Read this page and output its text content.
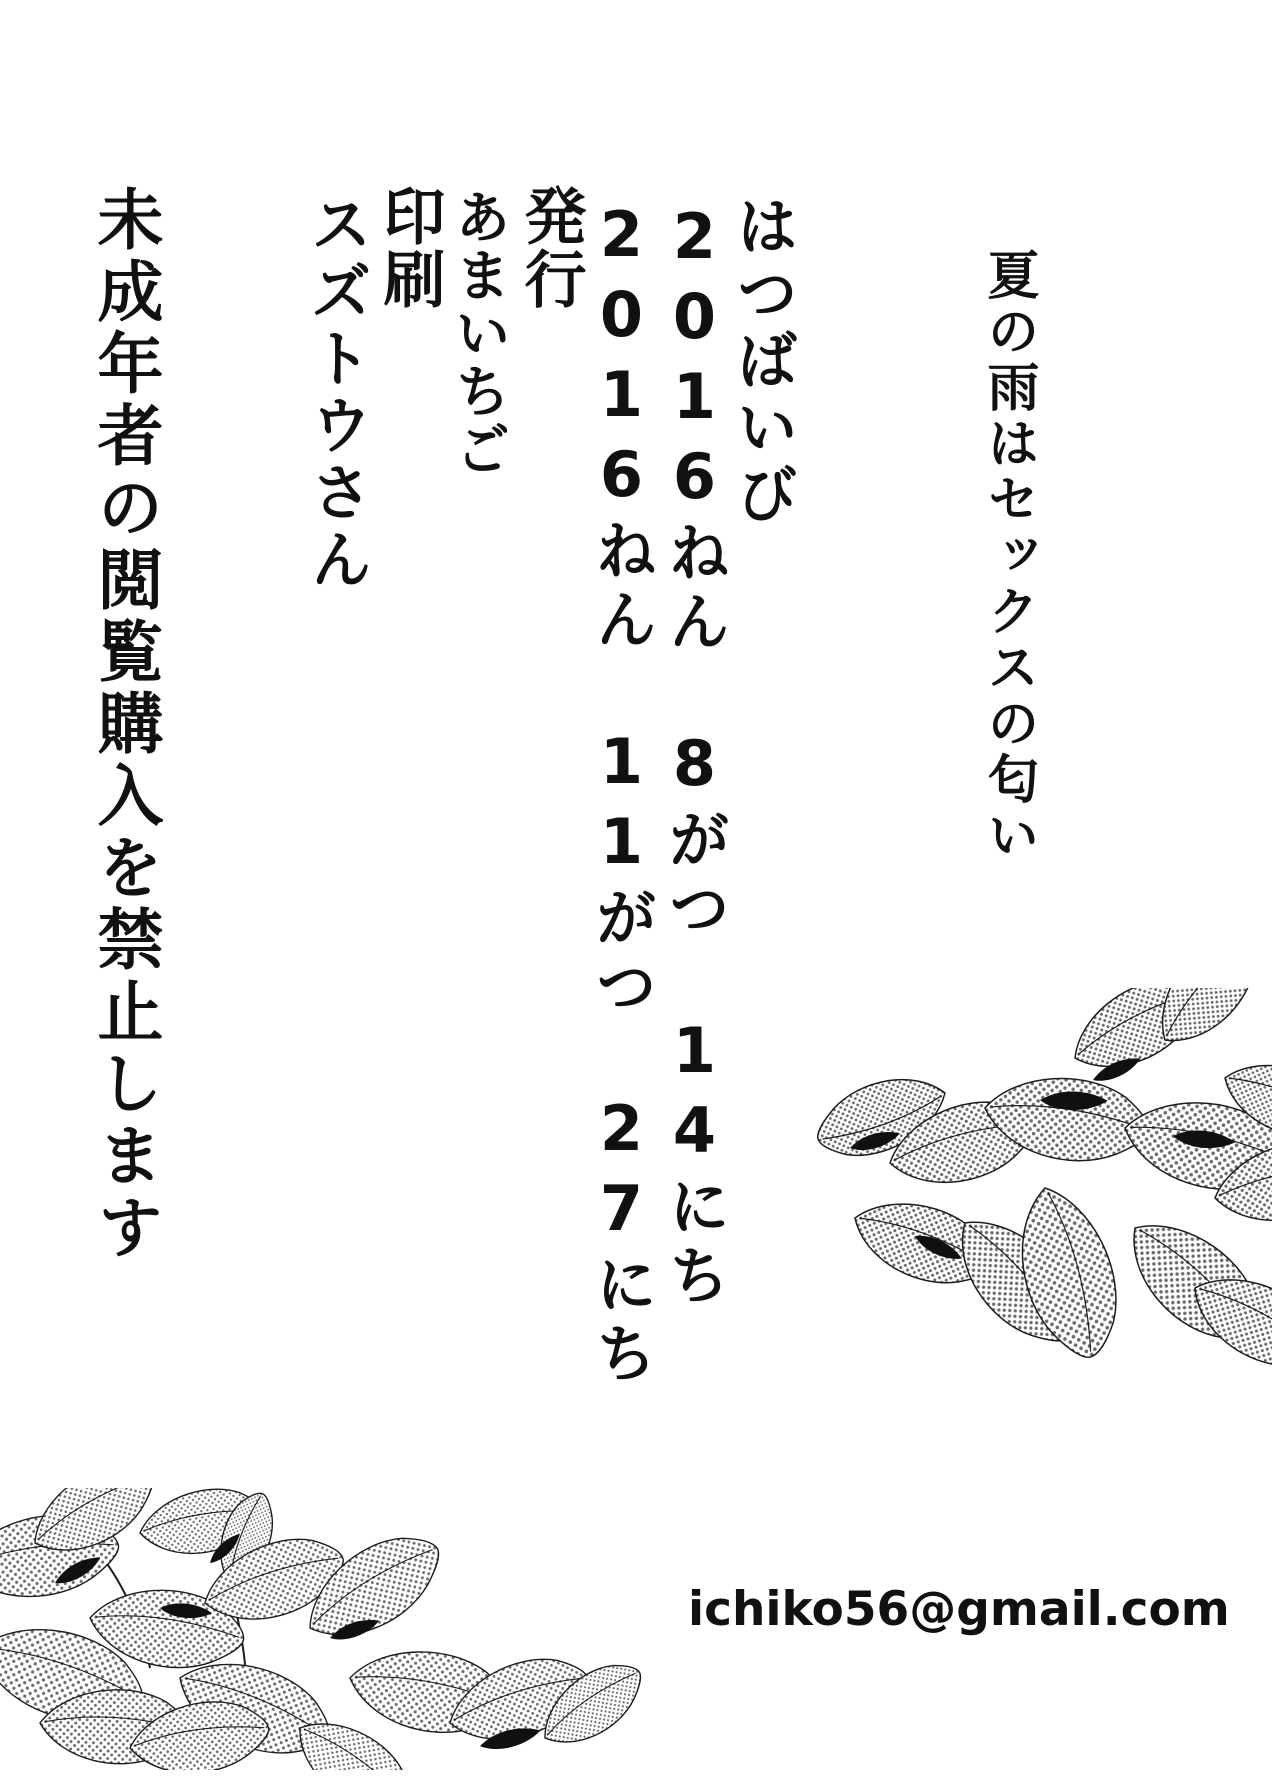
夏の雨はセックスの匂い
はつばいび
2016ねん　8がつ　14にち
2016ねん　11がつ　27にち
発行
あまいちご
印刷
スズトウさん
未成年者の閲覧購入を禁止します
ichiko56@gmail.com
